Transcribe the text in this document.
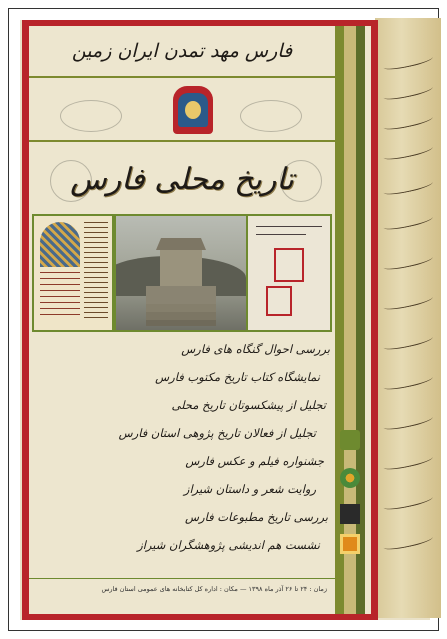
فارس مهد تمدن ایران زمین
تاریخ محلی فارس
بررسی احوال گنگاه های فارس
نمایشگاه کتاب تاریخ مکتوب فارس
تجلیل از پیشکسوتان تاریخ محلی
تجلیل از فعالان تاریخ پژوهی استان فارس
جشنواره فیلم و عکس فارس
روایت شعر و داستان شیراز
بررسی تاریخ مطبوعات فارس
نشست هم اندیشی پژوهشگران شیراز
زمان : ۲۴ تا ۲۶ آذر ماه ۱۳۹۸ — مکان : اداره کل کتابخانه های عمومی استان فارس
